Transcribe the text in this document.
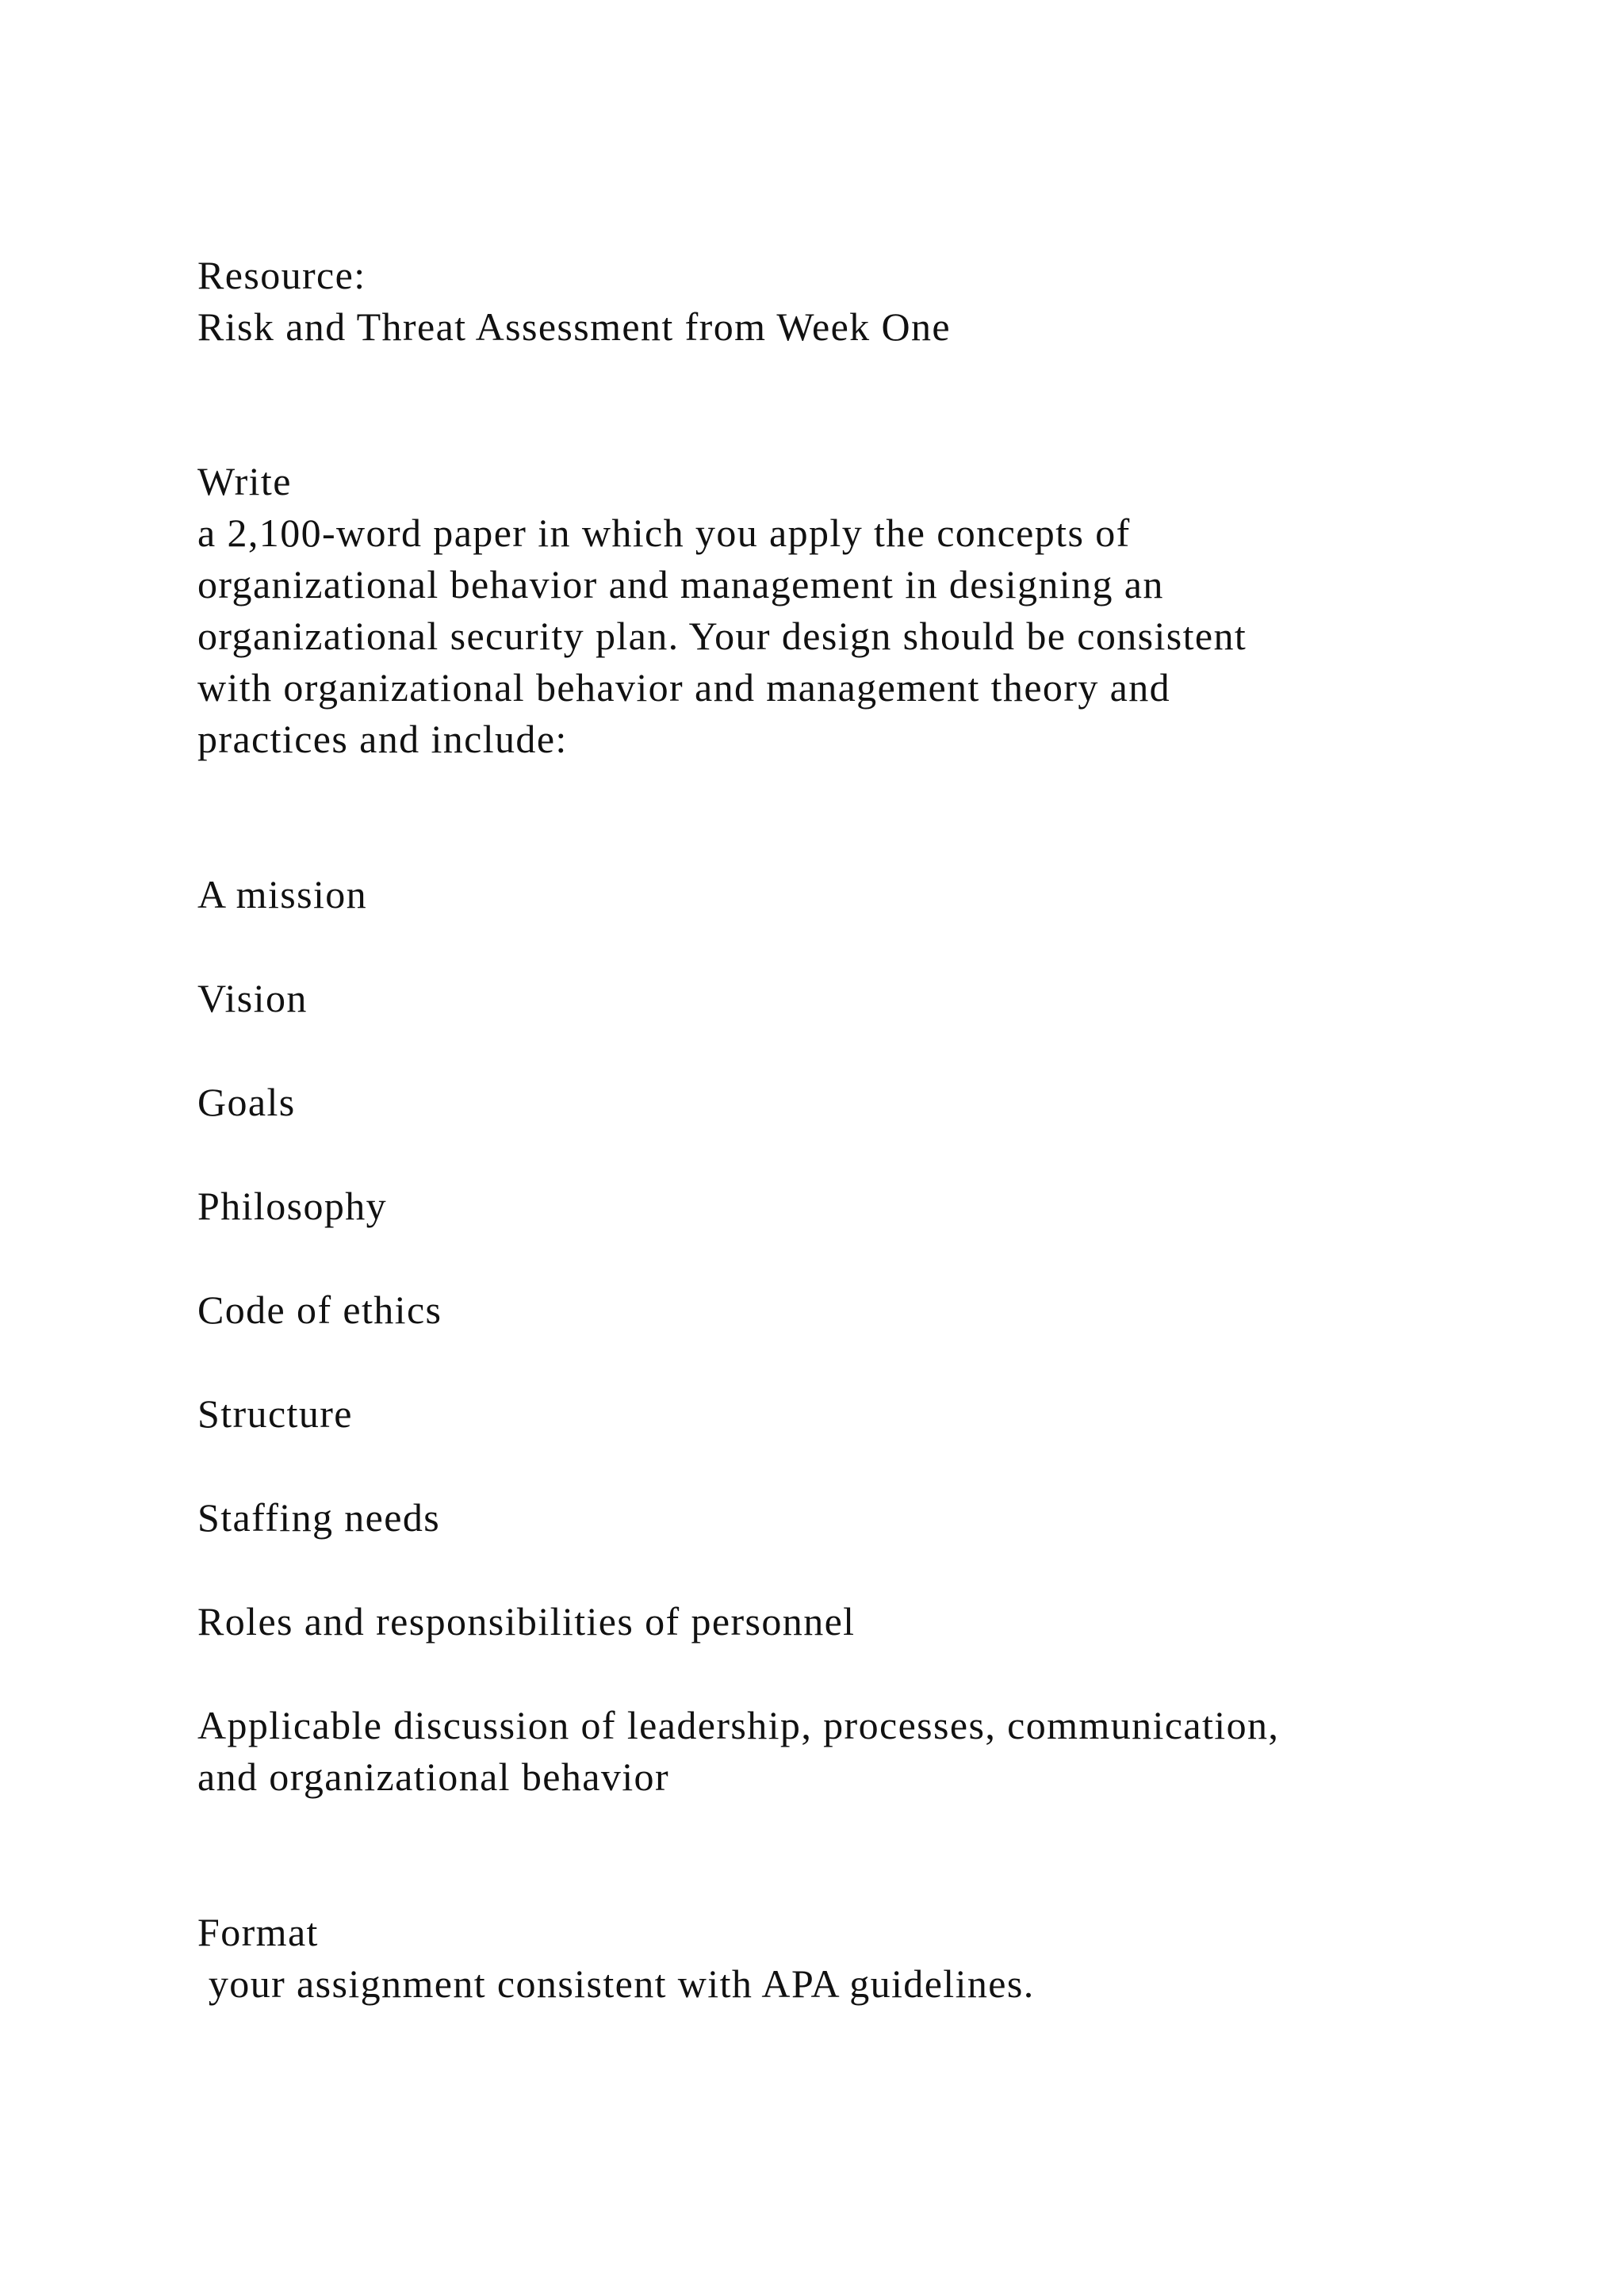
Resource:
Risk and Threat Assessment from Week One
Write
a 2,100-word paper in which you apply the concepts of
organizational behavior and management in designing an
organizational security plan. Your design should be consistent
with organizational behavior and management theory and
practices and include:
A mission
Vision
Goals
Philosophy
Code of ethics
Structure
Staffing needs
Roles and responsibilities of personnel
Applicable discussion of leadership, processes, communication,
and organizational behavior
Format
your assignment consistent with APA guidelines.
